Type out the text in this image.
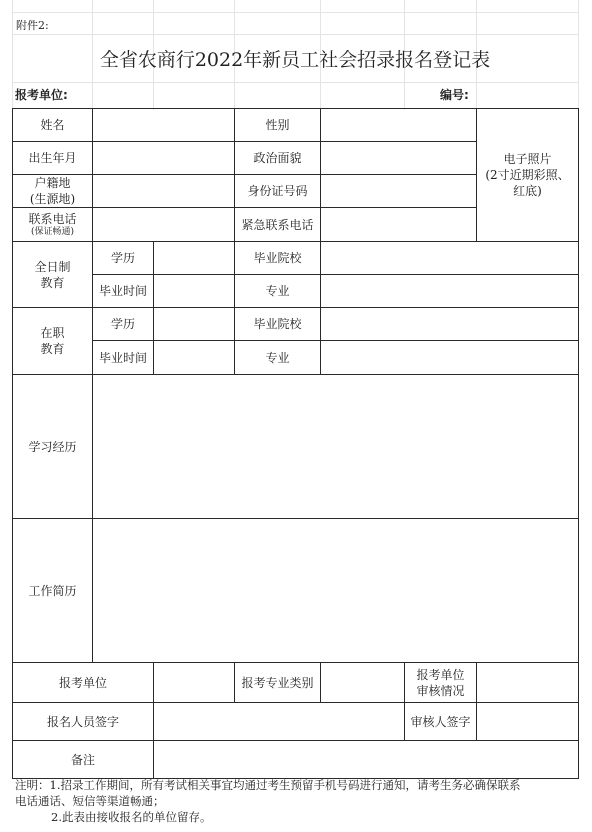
附件2:
全省农商行2022年新员工社会招录报名登记表
报考单位:	编号:
姓名			性别			电子照片
(2寸近期彩照、
红底)
出生年月			政治面貌			
户籍地
(生源地)			身份证号码			
联系电话
(保证畅通)			紧急联系电话			
全日制
教育	学历		毕业院校			
	毕业时间		专业			
在职
教育	学历		毕业院校			
	毕业时间		专业			
学习经历						
工作简历						
报考单位			报考专业类别		报考单位
审核情况	
报名人员签字					审核人签字	
备注						

注明：1.招录工作期间，所有考试相关事宜均通过考生预留手机号码进行通知，请考生务必确保联系

电话通话、短信等渠道畅通；

2.此表由接收报名的单位留存。
